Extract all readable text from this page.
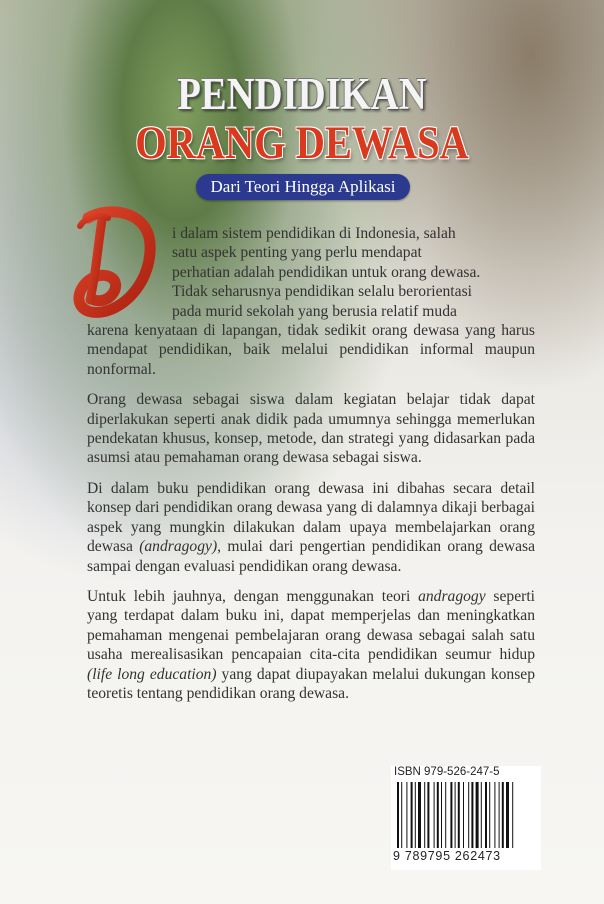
PENDIDIKAN
ORANG DEWASA
Dari Teori Hingga Aplikasi
i dalam sistem pendidikan di Indonesia, salah
satu aspek penting yang perlu mendapat
perhatian adalah pendidikan untuk orang dewasa.
Tidak seharusnya pendidikan selalu berorientasi
pada murid sekolah yang berusia relatif muda
karena kenyataan di lapangan, tidak sedikit orang dewasa yang harus mendapat pendidikan, baik melalui pendidikan informal maupun nonformal.
Orang dewasa sebagai siswa dalam kegiatan belajar tidak dapat diperlakukan seperti anak didik pada umumnya sehingga memerlukan pendekatan khusus, konsep, metode, dan strategi yang didasarkan pada asumsi atau pemahaman orang dewasa sebagai siswa.
Di dalam buku pendidikan orang dewasa ini dibahas secara detail konsep dari pendidikan orang dewasa yang di dalamnya dikaji berbagai aspek yang mungkin dilakukan dalam upaya membelajarkan orang dewasa (andragogy), mulai dari pengertian pendidikan orang dewasa sampai dengan evaluasi pendidikan orang dewasa.
Untuk lebih jauhnya, dengan menggunakan teori andragogy seperti yang terdapat dalam buku ini, dapat memperjelas dan meningkatkan pemahaman mengenai pembelajaran orang dewasa sebagai salah satu usaha merealisasikan pencapaian cita-cita pendidikan seumur hidup (life long education) yang dapat diupayakan melalui dukungan konsep teoretis tentang pendidikan orang dewasa.
ISBN 979-526-247-5
9 789795 262473
